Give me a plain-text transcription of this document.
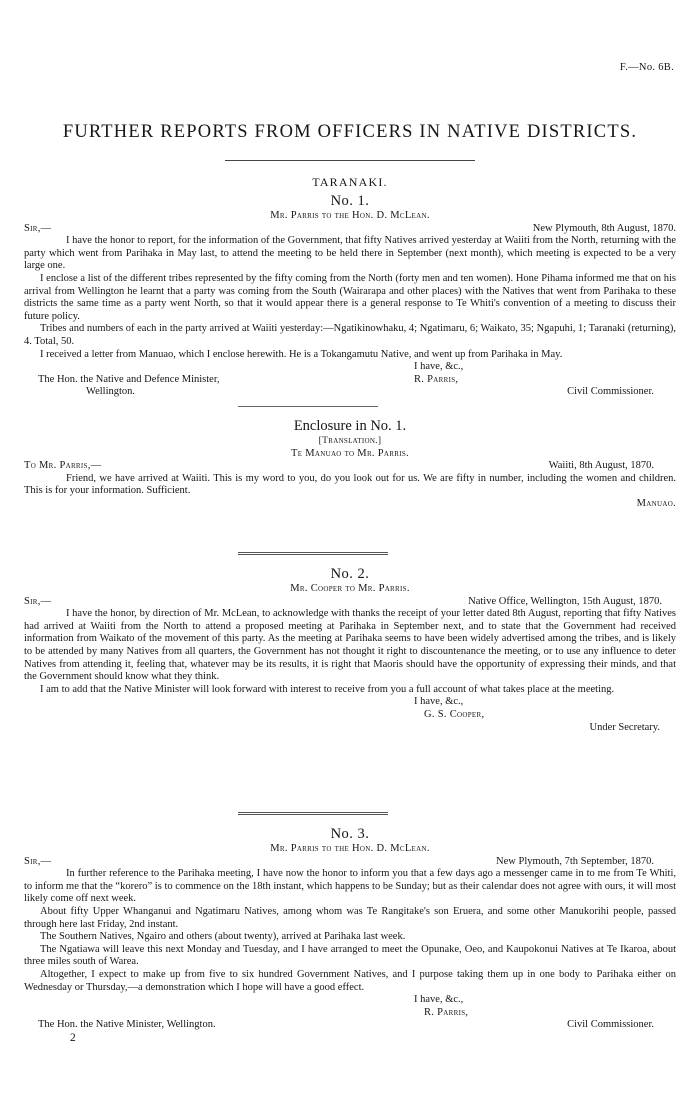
F.—No. 6B.
FURTHER REPORTS FROM OFFICERS IN NATIVE DISTRICTS.
TARANAKI.
No. 1.
Mr. Parris to the Hon. D. McLean.
Sir,—	New Plymouth, 8th August, 1870.

I have the honor to report, for the information of the Government, that fifty Natives arrived yesterday at Waiiti from the North, returning with the party which went from Parihaka in May last, to attend the meeting to be held there in September (next month), which meeting is expected to be a very large one.

I enclose a list of the different tribes represented by the fifty coming from the North (forty men and ten women). Hone Pihama informed me that on his arrival from Wellington he learnt that a party was coming from the South (Wairarapa and other places) with the Natives that went from Parihaka to these districts the same time as a party went North, so that it would appear there is a general response to Te Whiti's convention of a meeting to discuss their future policy.

Tribes and numbers of each in the party arrived at Waiiti yesterday:—Ngatikinowhaku, 4; Ngatimaru, 6; Waikato, 35; Ngapuhi, 1; Taranaki (returning), 4. Total, 50.

I received a letter from Manuao, which I enclose herewith. He is a Tokangamutu Native, and went up from Parihaka in May.

I have, &c.,
The Hon. the Native and Defence Minister,	R. Parris,
Wellington.	Civil Commissioner.
Enclosure in No. 1.
[Translation.]
Te Manuao to Mr. Parris.
To Mr. Parris,—	Waiiti, 8th August, 1870.

Friend, we have arrived at Waiiti. This is my word to you, do you look out for us. We are fifty in number, including the women and children. This is for your information. Sufficient.

Manuao.
No. 2.
Mr. Cooper to Mr. Parris.
Sir,—	Native Office, Wellington, 15th August, 1870.

I have the honor, by direction of Mr. McLean, to acknowledge with thanks the receipt of your letter dated 8th August, reporting that fifty Natives had arrived at Waiiti from the North to attend a proposed meeting at Parihaka in September next, and to state that the Government had received information from Waikato of the movement of this party. As the meeting at Parihaka seems to have been widely advertised among the tribes, and is likely to be attended by many Natives from all quarters, the Government has not thought it right to discountenance the meeting, or to use any influence to deter Natives from attending it, feeling that, whatever may be its results, it is right that Maoris should have the opportunity of expressing their minds, and that the Government should know what they think.

I am to add that the Native Minister will look forward with interest to receive from you a full account of what takes place at the meeting.

I have, &c.,
G. S. Cooper,
Under Secretary.
No. 3.
Mr. Parris to the Hon. D. McLean.
Sir,—	New Plymouth, 7th September, 1870.

In further reference to the Parihaka meeting, I have now the honor to inform you that a few days ago a messenger came in to me from Te Whiti, to inform me that the “korero” is to commence on the 18th instant, which happens to be Sunday; but as their calendar does not agree with ours, it will most likely come off next week.

About fifty Upper Whanganui and Ngatimaru Natives, among whom was Te Rangitake's son Eruera, and some other Manukorihi people, passed through here last Friday, 2nd instant.

The Southern Natives, Ngairo and others (about twenty), arrived at Parihaka last week.

The Ngatiawa will leave this next Monday and Tuesday, and I have arranged to meet the Opunake, Oeo, and Kaupokonui Natives at Te Ikaroa, about three miles south of Warea.

Altogether, I expect to make up from five to six hundred Government Natives, and I purpose taking them up in one body to Parihaka either on Wednesday or Thursday,—a demonstration which I hope will have a good effect.

I have, &c.,
R. Parris,
The Hon. the Native Minister, Wellington.	Civil Commissioner.
2
